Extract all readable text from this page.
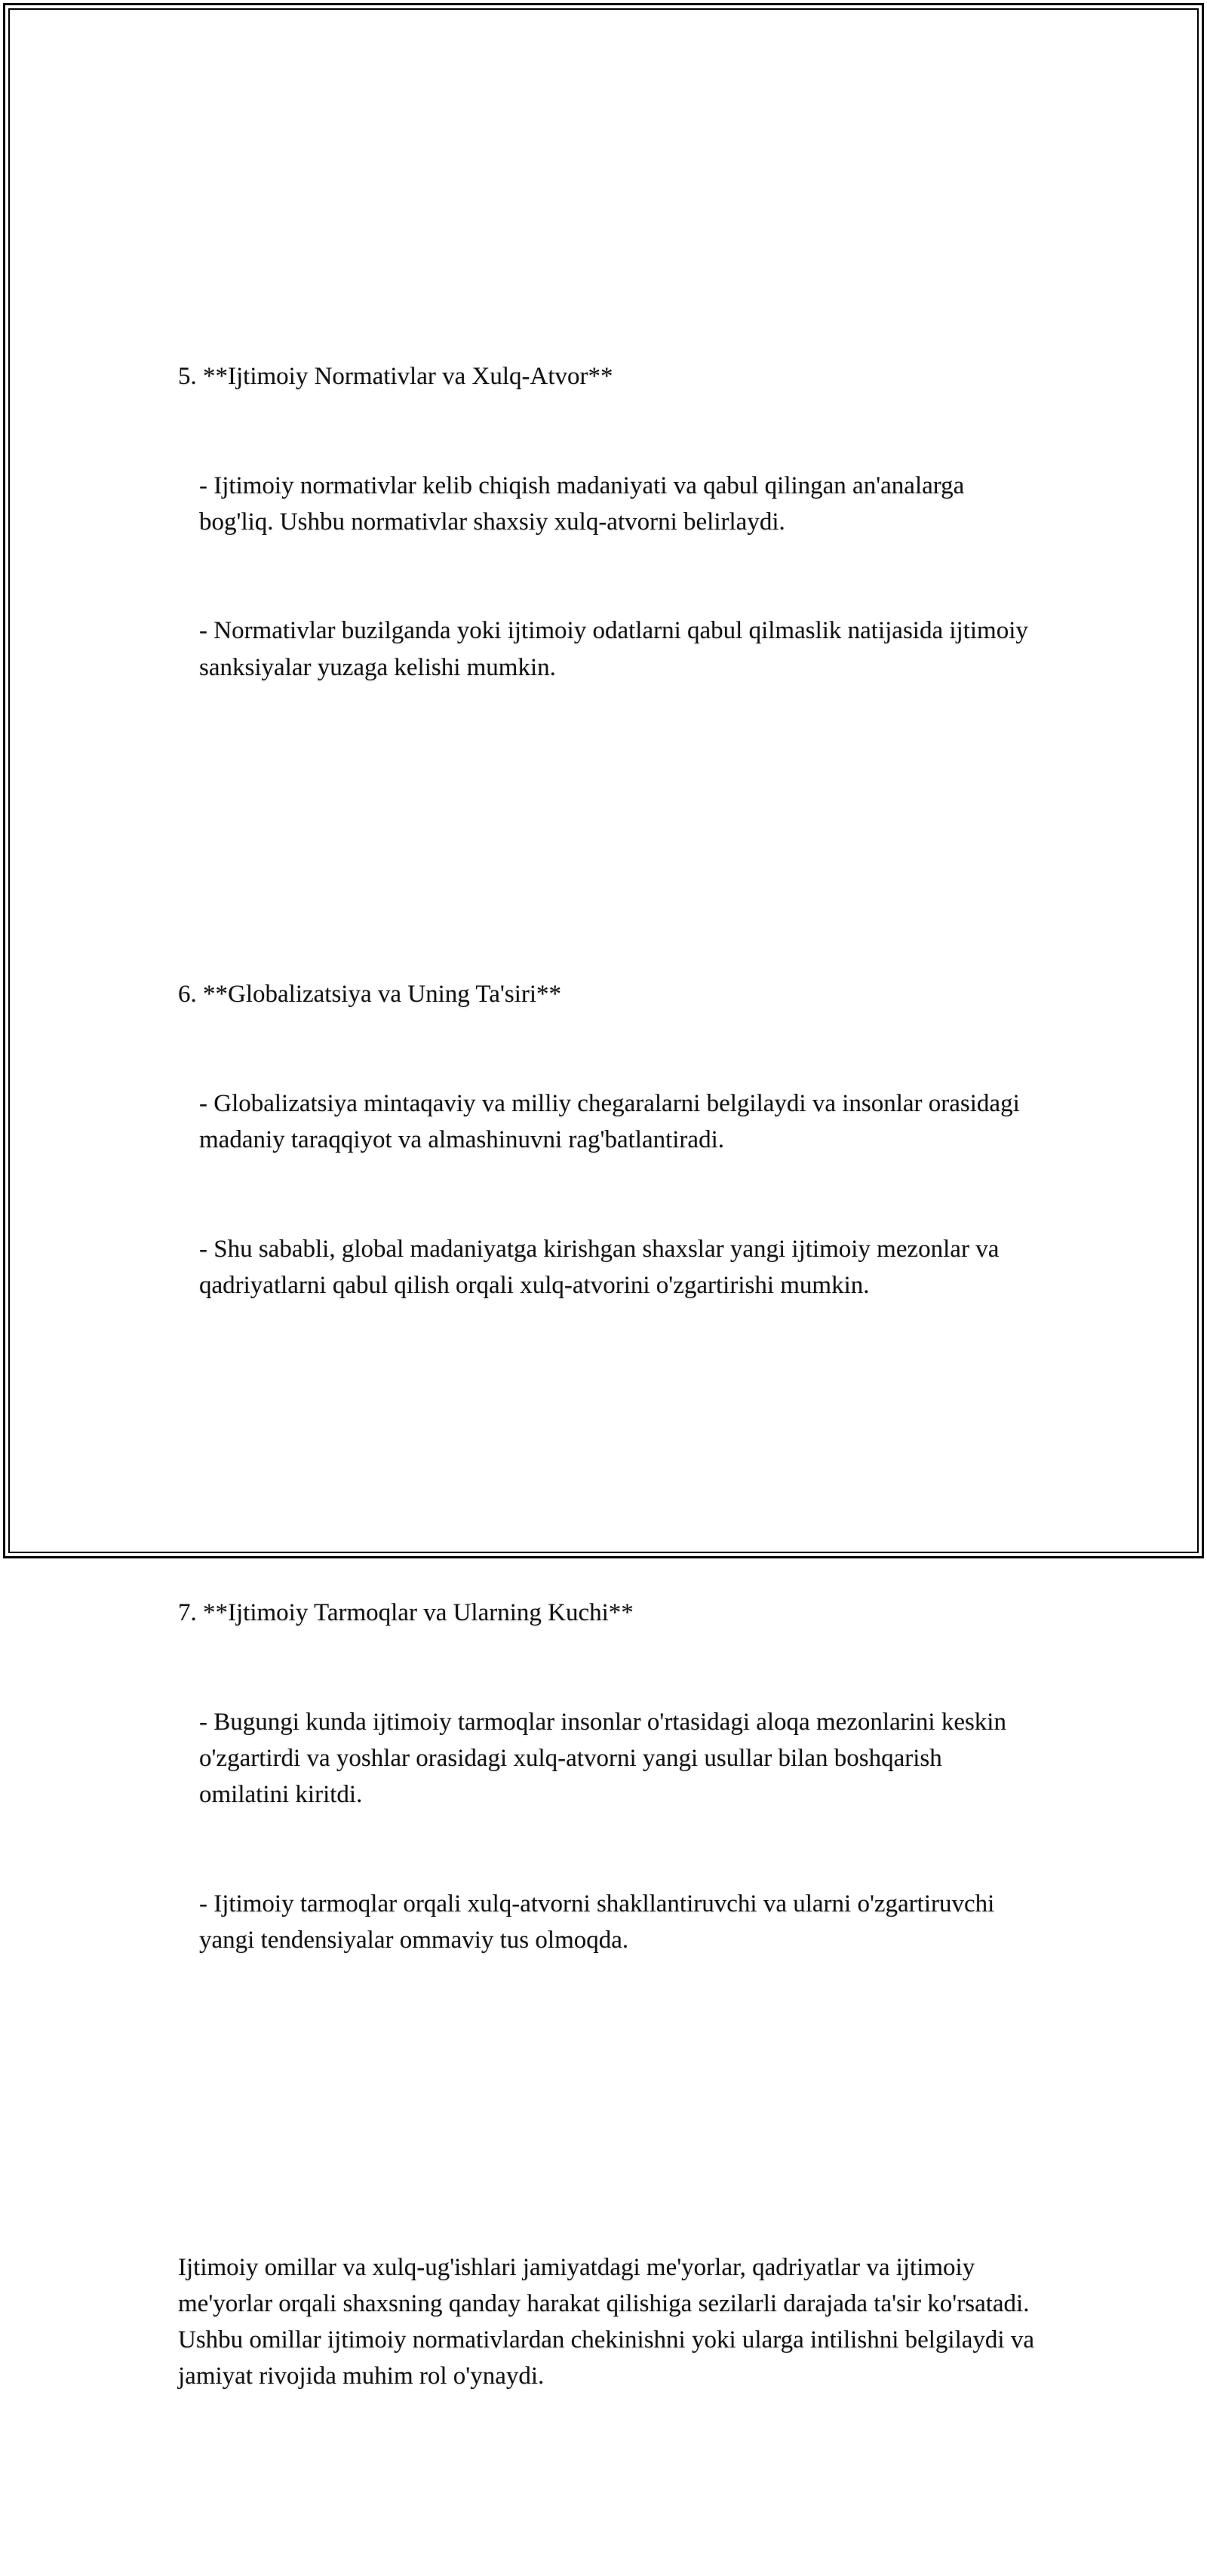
5. **Ijtimoiy Normativlar va Xulq-Atvor**

- Ijtimoiy normativlar kelib chiqish madaniyati va qabul qilingan an'analarga bog'liq. Ushbu normativlar shaxsiy xulq-atvorni belirlaydi.

- Normativlar buzilganda yoki ijtimoiy odatlarni qabul qilmaslik natijasida ijtimoiy sanksiyalar yuzaga kelishi mumkin.

6. **Globalizatsiya va Uning Ta'siri**

- Globalizatsiya mintaqaviy va milliy chegaralarni belgilaydi va insonlar orasidagi madaniy taraqqiyot va almashinuvni rag'batlantiradi.

- Shu sababli, global madaniyatga kirishgan shaxslar yangi ijtimoiy mezonlar va qadriyatlarni qabul qilish orqali xulq-atvorini o'zgartirishi mumkin.

7. **Ijtimoiy Tarmoqlar va Ularning Kuchi**

- Bugungi kunda ijtimoiy tarmoqlar insonlar o'rtasidagi aloqa mezonlarini keskin o'zgartirdi va yoshlar orasidagi xulq-atvorni yangi usullar bilan boshqarish omilatini kiritdi.

- Ijtimoiy tarmoqlar orqali xulq-atvorni shakllantiruvchi va ularni o'zgartiruvchi yangi tendensiyalar ommaviy tus olmoqda.

Ijtimoiy omillar va xulq-ug'ishlari jamiyatdagi me'yorlar, qadriyatlar va ijtimoiy me'yorlar orqali shaxsning qanday harakat qilishiga sezilarli darajada ta'sir ko'rsatadi. Ushbu omillar ijtimoiy normativlardan chekinishni yoki ularga intilishni belgilaydi va jamiyat rivojida muhim rol o'ynaydi.
